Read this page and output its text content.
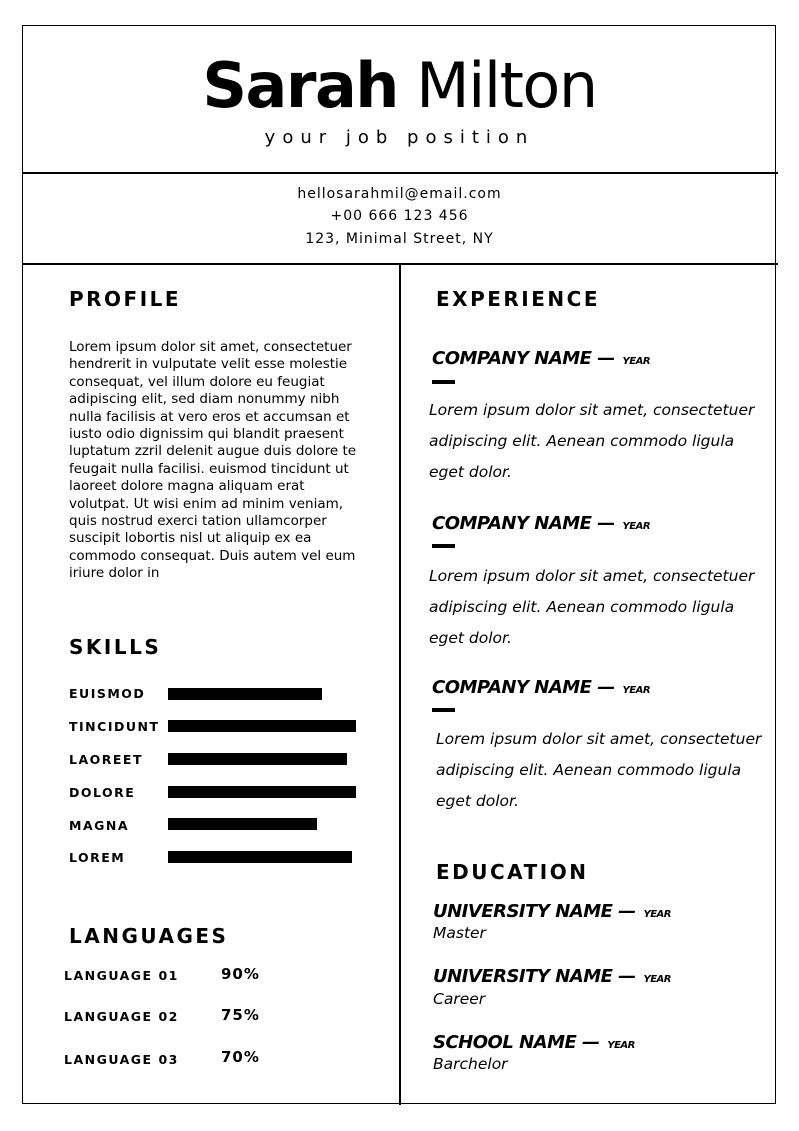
Sarah Milton
your job position
hellosarahmil@email.com
+00 666 123 456
123, Minimal Street, NY
PROFILE
Lorem ipsum dolor sit amet, consectetuer hendrerit in vulputate velit esse molestie consequat, vel illum dolore eu feugiat adipiscing elit, sed diam nonummy nibh nulla facilisis at vero eros et accumsan et iusto odio dignissim qui blandit praesent luptatum zzril delenit augue duis dolore te feugait nulla facilisi. euismod tincidunt ut laoreet dolore magna aliquam erat volutpat. Ut wisi enim ad minim veniam, quis nostrud exerci tation ullamcorper suscipit lobortis nisl ut aliquip ex ea commodo consequat. Duis autem vel eum iriure dolor in
SKILLS
EUISMOD
TINCIDUNT
LAOREET
DOLORE
MAGNA
LOREM
LANGUAGES
LANGUAGE 01	90%
LANGUAGE 02	75%
LANGUAGE 03	70%
EXPERIENCE
COMPANY NAME — YEAR
Lorem ipsum dolor sit amet, consectetuer adipiscing elit. Aenean commodo ligula eget dolor.
COMPANY NAME — YEAR
Lorem ipsum dolor sit amet, consectetuer adipiscing elit. Aenean commodo ligula eget dolor.
COMPANY NAME — YEAR
Lorem ipsum dolor sit amet, consectetuer adipiscing elit. Aenean commodo ligula eget dolor.
EDUCATION
UNIVERSITY NAME — YEAR
Master
UNIVERSITY NAME — YEAR
Career
SCHOOL NAME — YEAR
Barchelor
